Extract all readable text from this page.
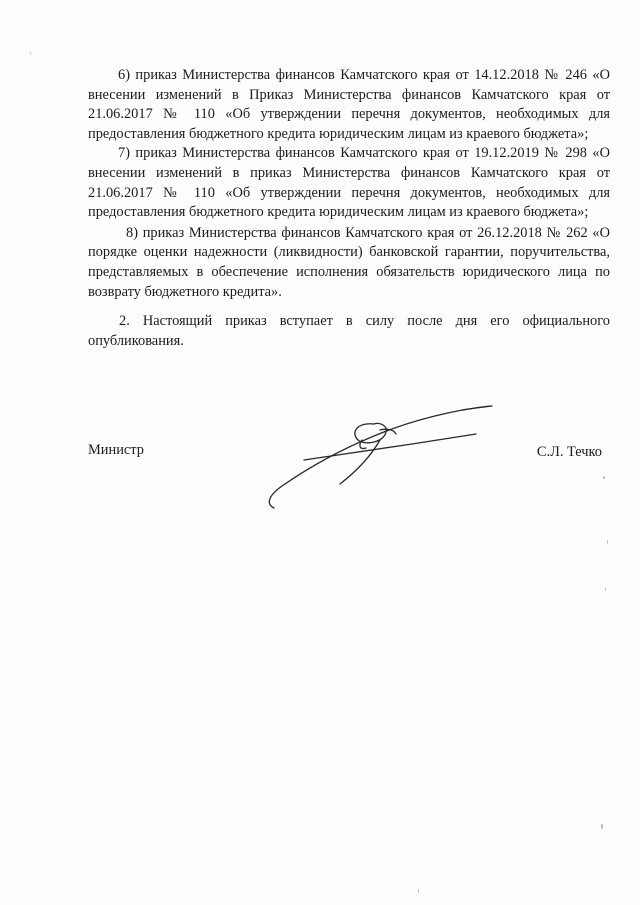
6) приказ Министерства финансов Камчатского края от 14.12.2018 № 246 «О внесении изменений в Приказ Министерства финансов Камчатского края от 21.06.2017 № 110 «Об утверждении перечня документов, необходимых для предоставления бюджетного кредита юридическим лицам из краевого бюджета»;

7) приказ Министерства финансов Камчатского края от 19.12.2019 № 298 «О внесении изменений в приказ Министерства финансов Камчатского края от 21.06.2017 № 110 «Об утверждении перечня документов, необходимых для предоставления бюджетного кредита юридическим лицам из краевого бюджета»;

8) приказ Министерства финансов Камчатского края от 26.12.2018 № 262 «О порядке оценки надежности (ликвидности) банковской гарантии, поручительства, представляемых в обеспечение исполнения обязательств юридического лица по возврату бюджетного кредита».

2. Настоящий приказ вступает в силу после дня его официального опубликования.

Министр	С.Л. Течко
